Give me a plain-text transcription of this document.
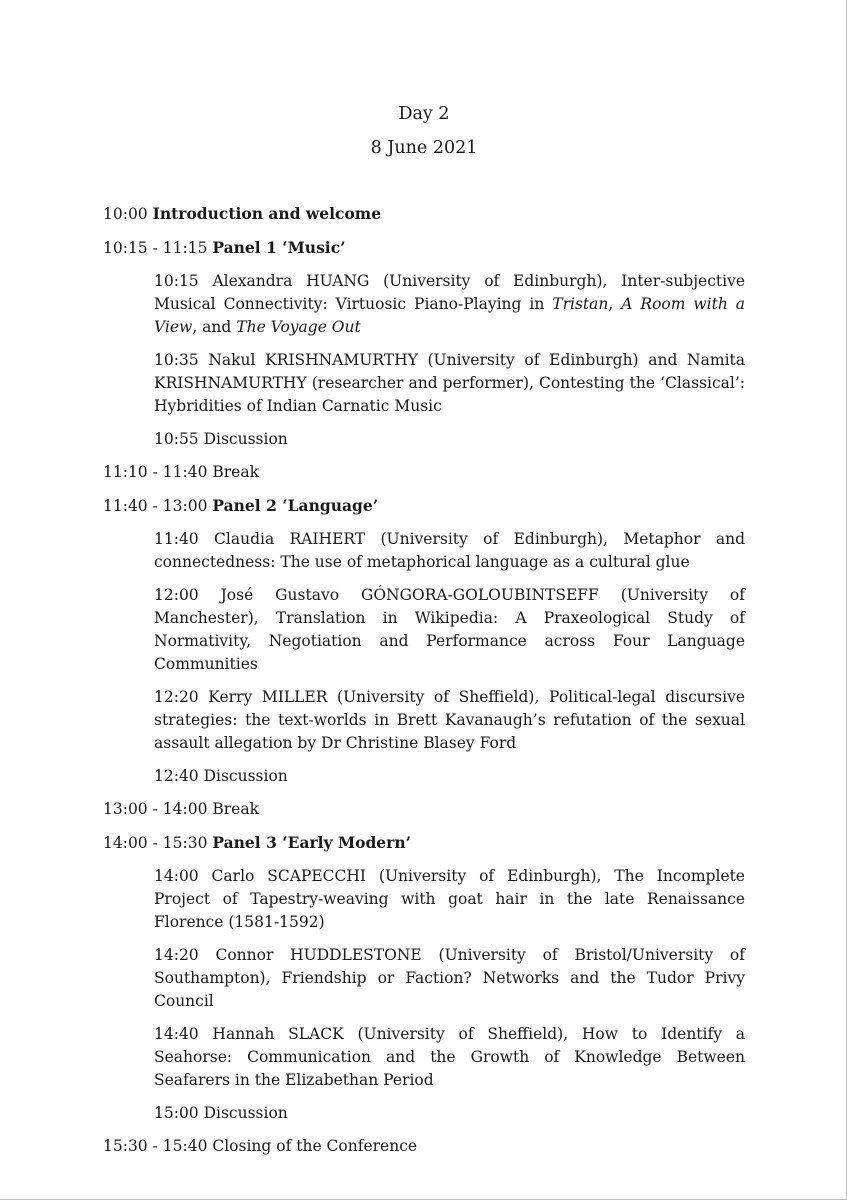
Day 2
8 June 2021
10:00 Introduction and welcome
10:15 - 11:15 Panel 1 ‘Music’
10:15 Alexandra HUANG (University of Edinburgh), Inter-subjective Musical Connectivity: Virtuosic Piano-Playing in Tristan, A Room with a View, and The Voyage Out
10:35 Nakul KRISHNAMURTHY (University of Edinburgh) and Namita KRISHNAMURTHY (researcher and performer), Contesting the ‘Classical’: Hybridities of Indian Carnatic Music
10:55 Discussion
11:10 - 11:40 Break
11:40 - 13:00 Panel 2 ‘Language’
11:40 Claudia RAIHERT (University of Edinburgh), Metaphor and connectedness: The use of metaphorical language as a cultural glue
12:00 José Gustavo GÓNGORA-GOLOUBINTSEFF (University of Manchester), Translation in Wikipedia: A Praxeological Study of Normativity, Negotiation and Performance across Four Language Communities
12:20 Kerry MILLER (University of Sheffield), Political-legal discursive strategies: the text-worlds in Brett Kavanaugh’s refutation of the sexual assault allegation by Dr Christine Blasey Ford
12:40 Discussion
13:00 - 14:00 Break
14:00 - 15:30 Panel 3 ‘Early Modern’
14:00 Carlo SCAPECCHI (University of Edinburgh), The Incomplete Project of Tapestry-weaving with goat hair in the late Renaissance Florence (1581-1592)
14:20 Connor HUDDLESTONE (University of Bristol/University of Southampton), Friendship or Faction? Networks and the Tudor Privy Council
14:40 Hannah SLACK (University of Sheffield), How to Identify a Seahorse: Communication and the Growth of Knowledge Between Seafarers in the Elizabethan Period
15:00 Discussion
15:30 - 15:40 Closing of the Conference
